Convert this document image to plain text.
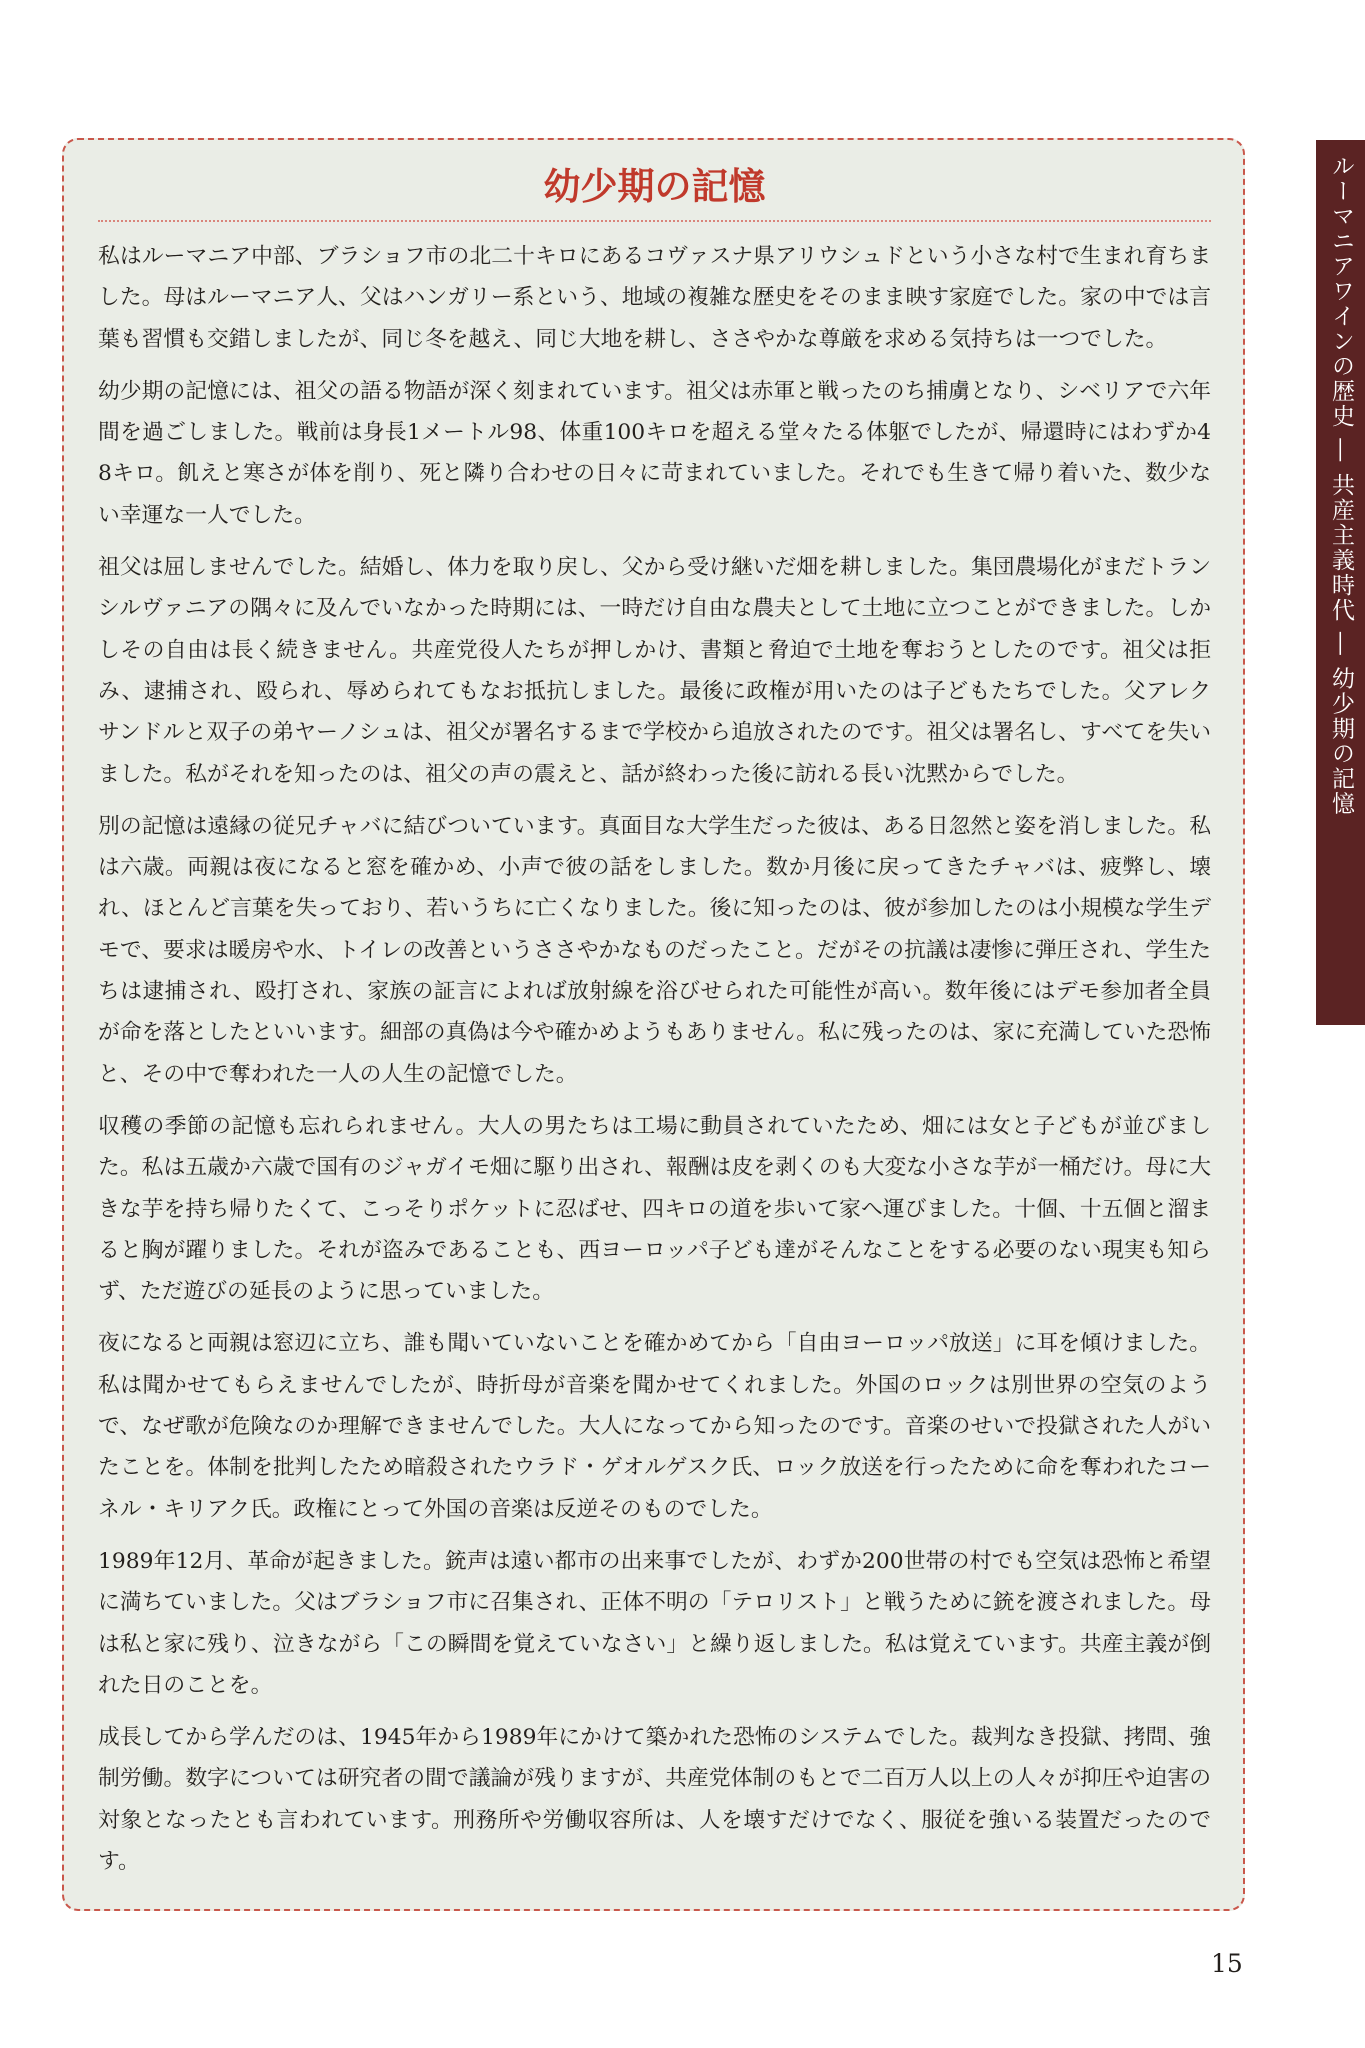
ルーマニアワインの歴史 ― 共産主義時代 ― 幼少期の記憶
幼少期の記憶

私はルーマニア中部、ブラショフ市の北二十キロにあるコヴァスナ県アリウシュドという小さな村で生まれ育ちました。母はルーマニア人、父はハンガリー系という、地域の複雑な歴史をそのまま映す家庭でした。家の中では言葉も習慣も交錯しましたが、同じ冬を越え、同じ大地を耕し、ささやかな尊厳を求める気持ちは一つでした。

幼少期の記憶には、祖父の語る物語が深く刻まれています。祖父は赤軍と戦ったのち捕虜となり、シベリアで六年間を過ごしました。戦前は身長1メートル98、体重100キロを超える堂々たる体躯でしたが、帰還時にはわずか48キロ。飢えと寒さが体を削り、死と隣り合わせの日々に苛まれていました。それでも生きて帰り着いた、数少ない幸運な一人でした。

祖父は屈しませんでした。結婚し、体力を取り戻し、父から受け継いだ畑を耕しました。集団農場化がまだトランシルヴァニアの隅々に及んでいなかった時期には、一時だけ自由な農夫として土地に立つことができました。しかしその自由は長く続きません。共産党役人たちが押しかけ、書類と脅迫で土地を奪おうとしたのです。祖父は拒み、逮捕され、殴られ、辱められてもなお抵抗しました。最後に政権が用いたのは子どもたちでした。父アレクサンドルと双子の弟ヤーノシュは、祖父が署名するまで学校から追放されたのです。祖父は署名し、すべてを失いました。私がそれを知ったのは、祖父の声の震えと、話が終わった後に訪れる長い沈黙からでした。

別の記憶は遠縁の従兄チャバに結びついています。真面目な大学生だった彼は、ある日忽然と姿を消しました。私は六歳。両親は夜になると窓を確かめ、小声で彼の話をしました。数か月後に戻ってきたチャバは、疲弊し、壊れ、ほとんど言葉を失っており、若いうちに亡くなりました。後に知ったのは、彼が参加したのは小規模な学生デモで、要求は暖房や水、トイレの改善というささやかなものだったこと。だがその抗議は凄惨に弾圧され、学生たちは逮捕され、殴打され、家族の証言によれば放射線を浴びせられた可能性が高い。数年後にはデモ参加者全員が命を落としたといいます。細部の真偽は今や確かめようもありません。私に残ったのは、家に充満していた恐怖と、その中で奪われた一人の人生の記憶でした。

収穫の季節の記憶も忘れられません。大人の男たちは工場に動員されていたため、畑には女と子どもが並びました。私は五歳か六歳で国有のジャガイモ畑に駆り出され、報酬は皮を剥くのも大変な小さな芋が一桶だけ。母に大きな芋を持ち帰りたくて、こっそりポケットに忍ばせ、四キロの道を歩いて家へ運びました。十個、十五個と溜まると胸が躍りました。それが盗みであることも、西ヨーロッパ子ども達がそんなことをする必要のない現実も知らず、ただ遊びの延長のように思っていました。

夜になると両親は窓辺に立ち、誰も聞いていないことを確かめてから「自由ヨーロッパ放送」に耳を傾けました。私は聞かせてもらえませんでしたが、時折母が音楽を聞かせてくれました。外国のロックは別世界の空気のようで、なぜ歌が危険なのか理解できませんでした。大人になってから知ったのです。音楽のせいで投獄された人がいたことを。体制を批判したため暗殺されたウラド・ゲオルゲスク氏、ロック放送を行ったために命を奪われたコーネル・キリアク氏。政権にとって外国の音楽は反逆そのものでした。

1989年12月、革命が起きました。銃声は遠い都市の出来事でしたが、わずか200世帯の村でも空気は恐怖と希望に満ちていました。父はブラショフ市に召集され、正体不明の「テロリスト」と戦うために銃を渡されました。母は私と家に残り、泣きながら「この瞬間を覚えていなさい」と繰り返しました。私は覚えています。共産主義が倒れた日のことを。

成長してから学んだのは、1945年から1989年にかけて築かれた恐怖のシステムでした。裁判なき投獄、拷問、強制労働。数字については研究者の間で議論が残りますが、共産党体制のもとで二百万人以上の人々が抑圧や迫害の対象となったとも言われています。刑務所や労働収容所は、人を壊すだけでなく、服従を強いる装置だったのです。

15
